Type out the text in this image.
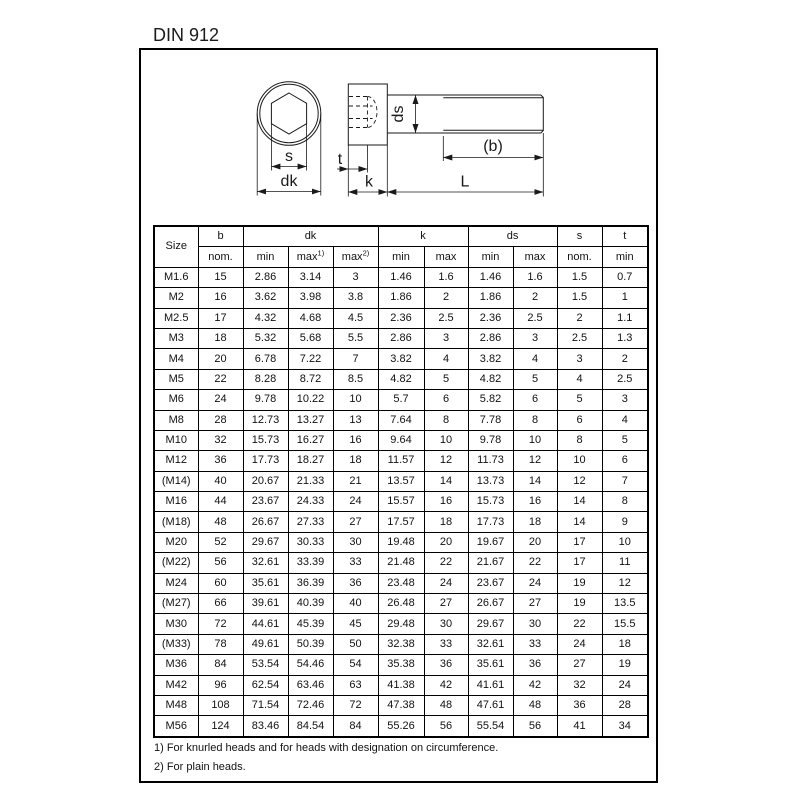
DIN 912
s
dk
ds
t
(b)
k	L
Size	b	dk			k		ds		s	t
	nom.	min	$\max^{1)}$	$\max^{2)}$	min	max	min	max	nom.	min
M1.6	15	2.86	3.14	3	1.46	1.6	1.46	1.6	1.5	0.7
M2	16	3.62	3.98	3.8	1.86	2	1.86	2	1.5	1
M2.5	17	4.32	4.68	4.5	2.36	2.5	2.36	2.5	2	1.1
M3	18	5.32	5.68	5.5	2.86	3	2.86	3	2.5	1.3
M4	20	6.78	7.22	7	3.82	4	3.82	4	3	2
M5	22	8.28	8.72	8.5	4.82	5	4.82	5	4	2.5
M6	24	9.78	10.22	10	5.7	6	5.82	6	5	3
M8	28	12.73	13.27	13	7.64	8	7.78	8	6	4
M10	32	15.73	16.27	16	9.64	10	9.78	10	8	5
M12	36	17.73	18.27	18	11.57	12	11.73	12	10	6
(M14)	40	20.67	21.33	21	13.57	14	13.73	14	12	7
M16	44	23.67	24.33	24	15.57	16	15.73	16	14	8
(M18)	48	26.67	27.33	27	17.57	18	17.73	18	14	9
M20	52	29.67	30.33	30	19.48	20	19.67	20	17	10
(M22)	56	32.61	33.39	33	21.48	22	21.67	22	17	11
M24	60	35.61	36.39	36	23.48	24	23.67	24	19	12
(M27)	66	39.61	40.39	40	26.48	27	26.67	27	19	13.5
M30	72	44.61	45.39	45	29.48	30	29.67	30	22	15.5
(M33)	78	49.61	50.39	50	32.38	33	32.61	33	24	18
M36	84	53.54	54.46	54	35.38	36	35.61	36	27	19
M42	96	62.54	63.46	63	41.38	42	41.61	42	32	24
M48	108	71.54	72.46	72	47.38	48	47.61	48	36	28
M56	124	83.46	84.54	84	55.26	56	55.54	56	41	34
1) For knurled heads and for heads with designation on circumference.
2) For plain heads.
